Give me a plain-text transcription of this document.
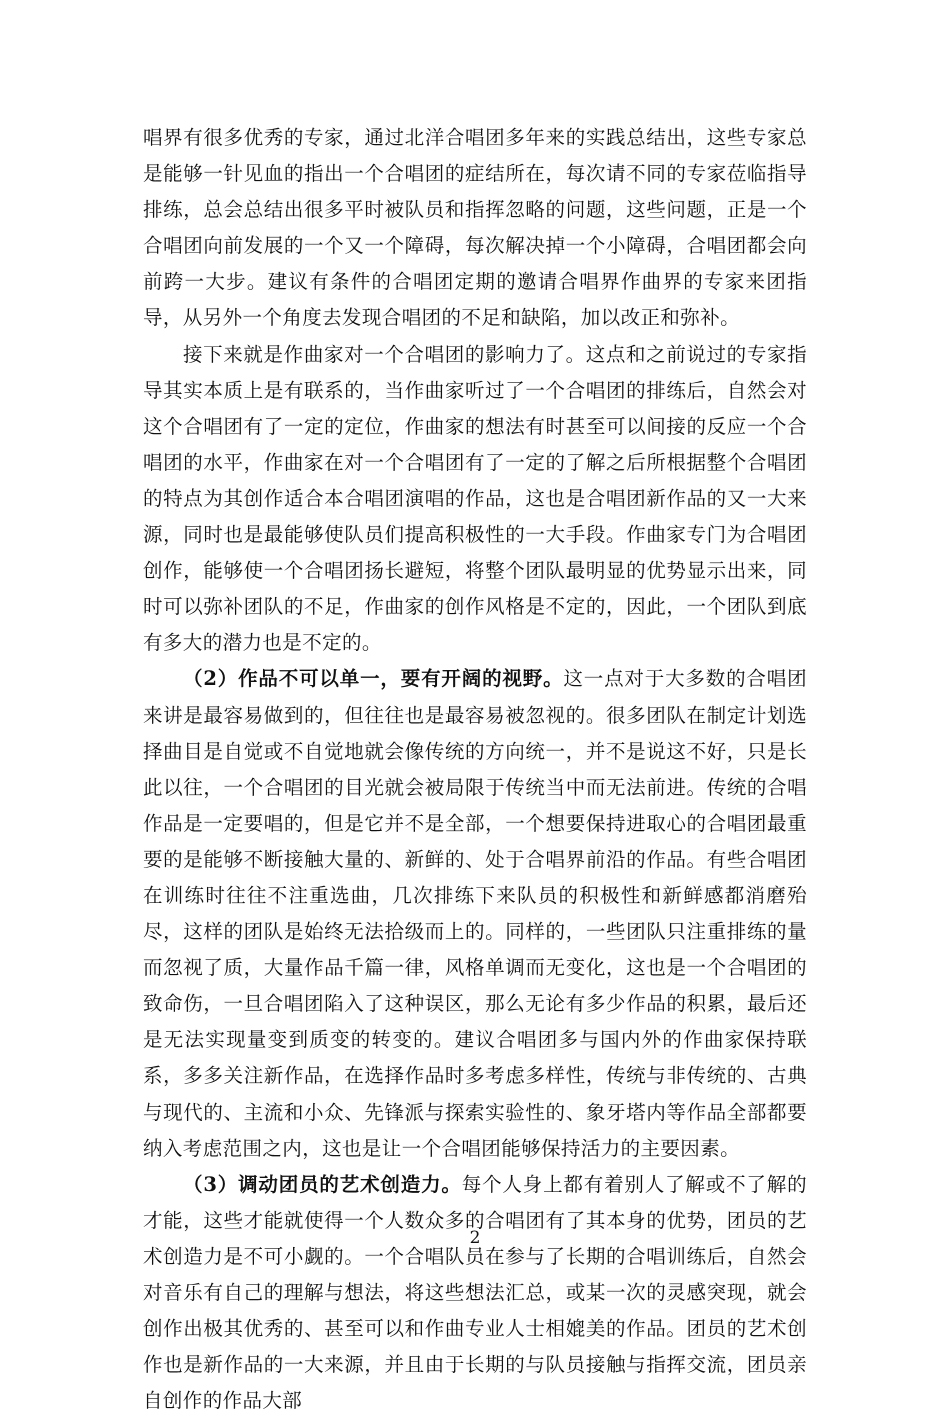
唱界有很多优秀的专家，通过北洋合唱团多年来的实践总结出，这些专家总是能够一针见血的指出一个合唱团的症结所在，每次请不同的专家莅临指导排练，总会总结出很多平时被队员和指挥忽略的问题，这些问题，正是一个合唱团向前发展的一个又一个障碍，每次解决掉一个小障碍，合唱团都会向前跨一大步。建议有条件的合唱团定期的邀请合唱界作曲界的专家来团指导，从另外一个角度去发现合唱团的不足和缺陷，加以改正和弥补。

接下来就是作曲家对一个合唱团的影响力了。这点和之前说过的专家指导其实本质上是有联系的，当作曲家听过了一个合唱团的排练后，自然会对这个合唱团有了一定的定位，作曲家的想法有时甚至可以间接的反应一个合唱团的水平，作曲家在对一个合唱团有了一定的了解之后所根据整个合唱团的特点为其创作适合本合唱团演唱的作品，这也是合唱团新作品的又一大来源，同时也是最能够使队员们提高积极性的一大手段。作曲家专门为合唱团创作，能够使一个合唱团扬长避短，将整个团队最明显的优势显示出来，同时可以弥补团队的不足，作曲家的创作风格是不定的，因此，一个团队到底有多大的潜力也是不定的。

（2）作品不可以单一，要有开阔的视野。这一点对于大多数的合唱团来讲是最容易做到的，但往往也是最容易被忽视的。很多团队在制定计划选择曲目是自觉或不自觉地就会像传统的方向统一，并不是说这不好，只是长此以往，一个合唱团的目光就会被局限于传统当中而无法前进。传统的合唱作品是一定要唱的，但是它并不是全部，一个想要保持进取心的合唱团最重要的是能够不断接触大量的、新鲜的、处于合唱界前沿的作品。有些合唱团在训练时往往不注重选曲，几次排练下来队员的积极性和新鲜感都消磨殆尽，这样的团队是始终无法拾级而上的。同样的，一些团队只注重排练的量而忽视了质，大量作品千篇一律，风格单调而无变化，这也是一个合唱团的致命伤，一旦合唱团陷入了这种误区，那么无论有多少作品的积累，最后还是无法实现量变到质变的转变的。建议合唱团多与国内外的作曲家保持联系，多多关注新作品，在选择作品时多考虑多样性，传统与非传统的、古典与现代的、主流和小众、先锋派与探索实验性的、象牙塔内等作品全部都要纳入考虑范围之内，这也是让一个合唱团能够保持活力的主要因素。

（3）调动团员的艺术创造力。每个人身上都有着别人了解或不了解的才能，这些才能就使得一个人数众多的合唱团有了其本身的优势，团员的艺术创造力是不可小觑的。一个合唱队员在参与了长期的合唱训练后，自然会对音乐有自己的理解与想法，将这些想法汇总，或某一次的灵感突现，就会创作出极其优秀的、甚至可以和作曲专业人士相媲美的作品。团员的艺术创作也是新作品的一大来源，并且由于长期的与队员接触与指挥交流，团员亲自创作的作品大部

2
